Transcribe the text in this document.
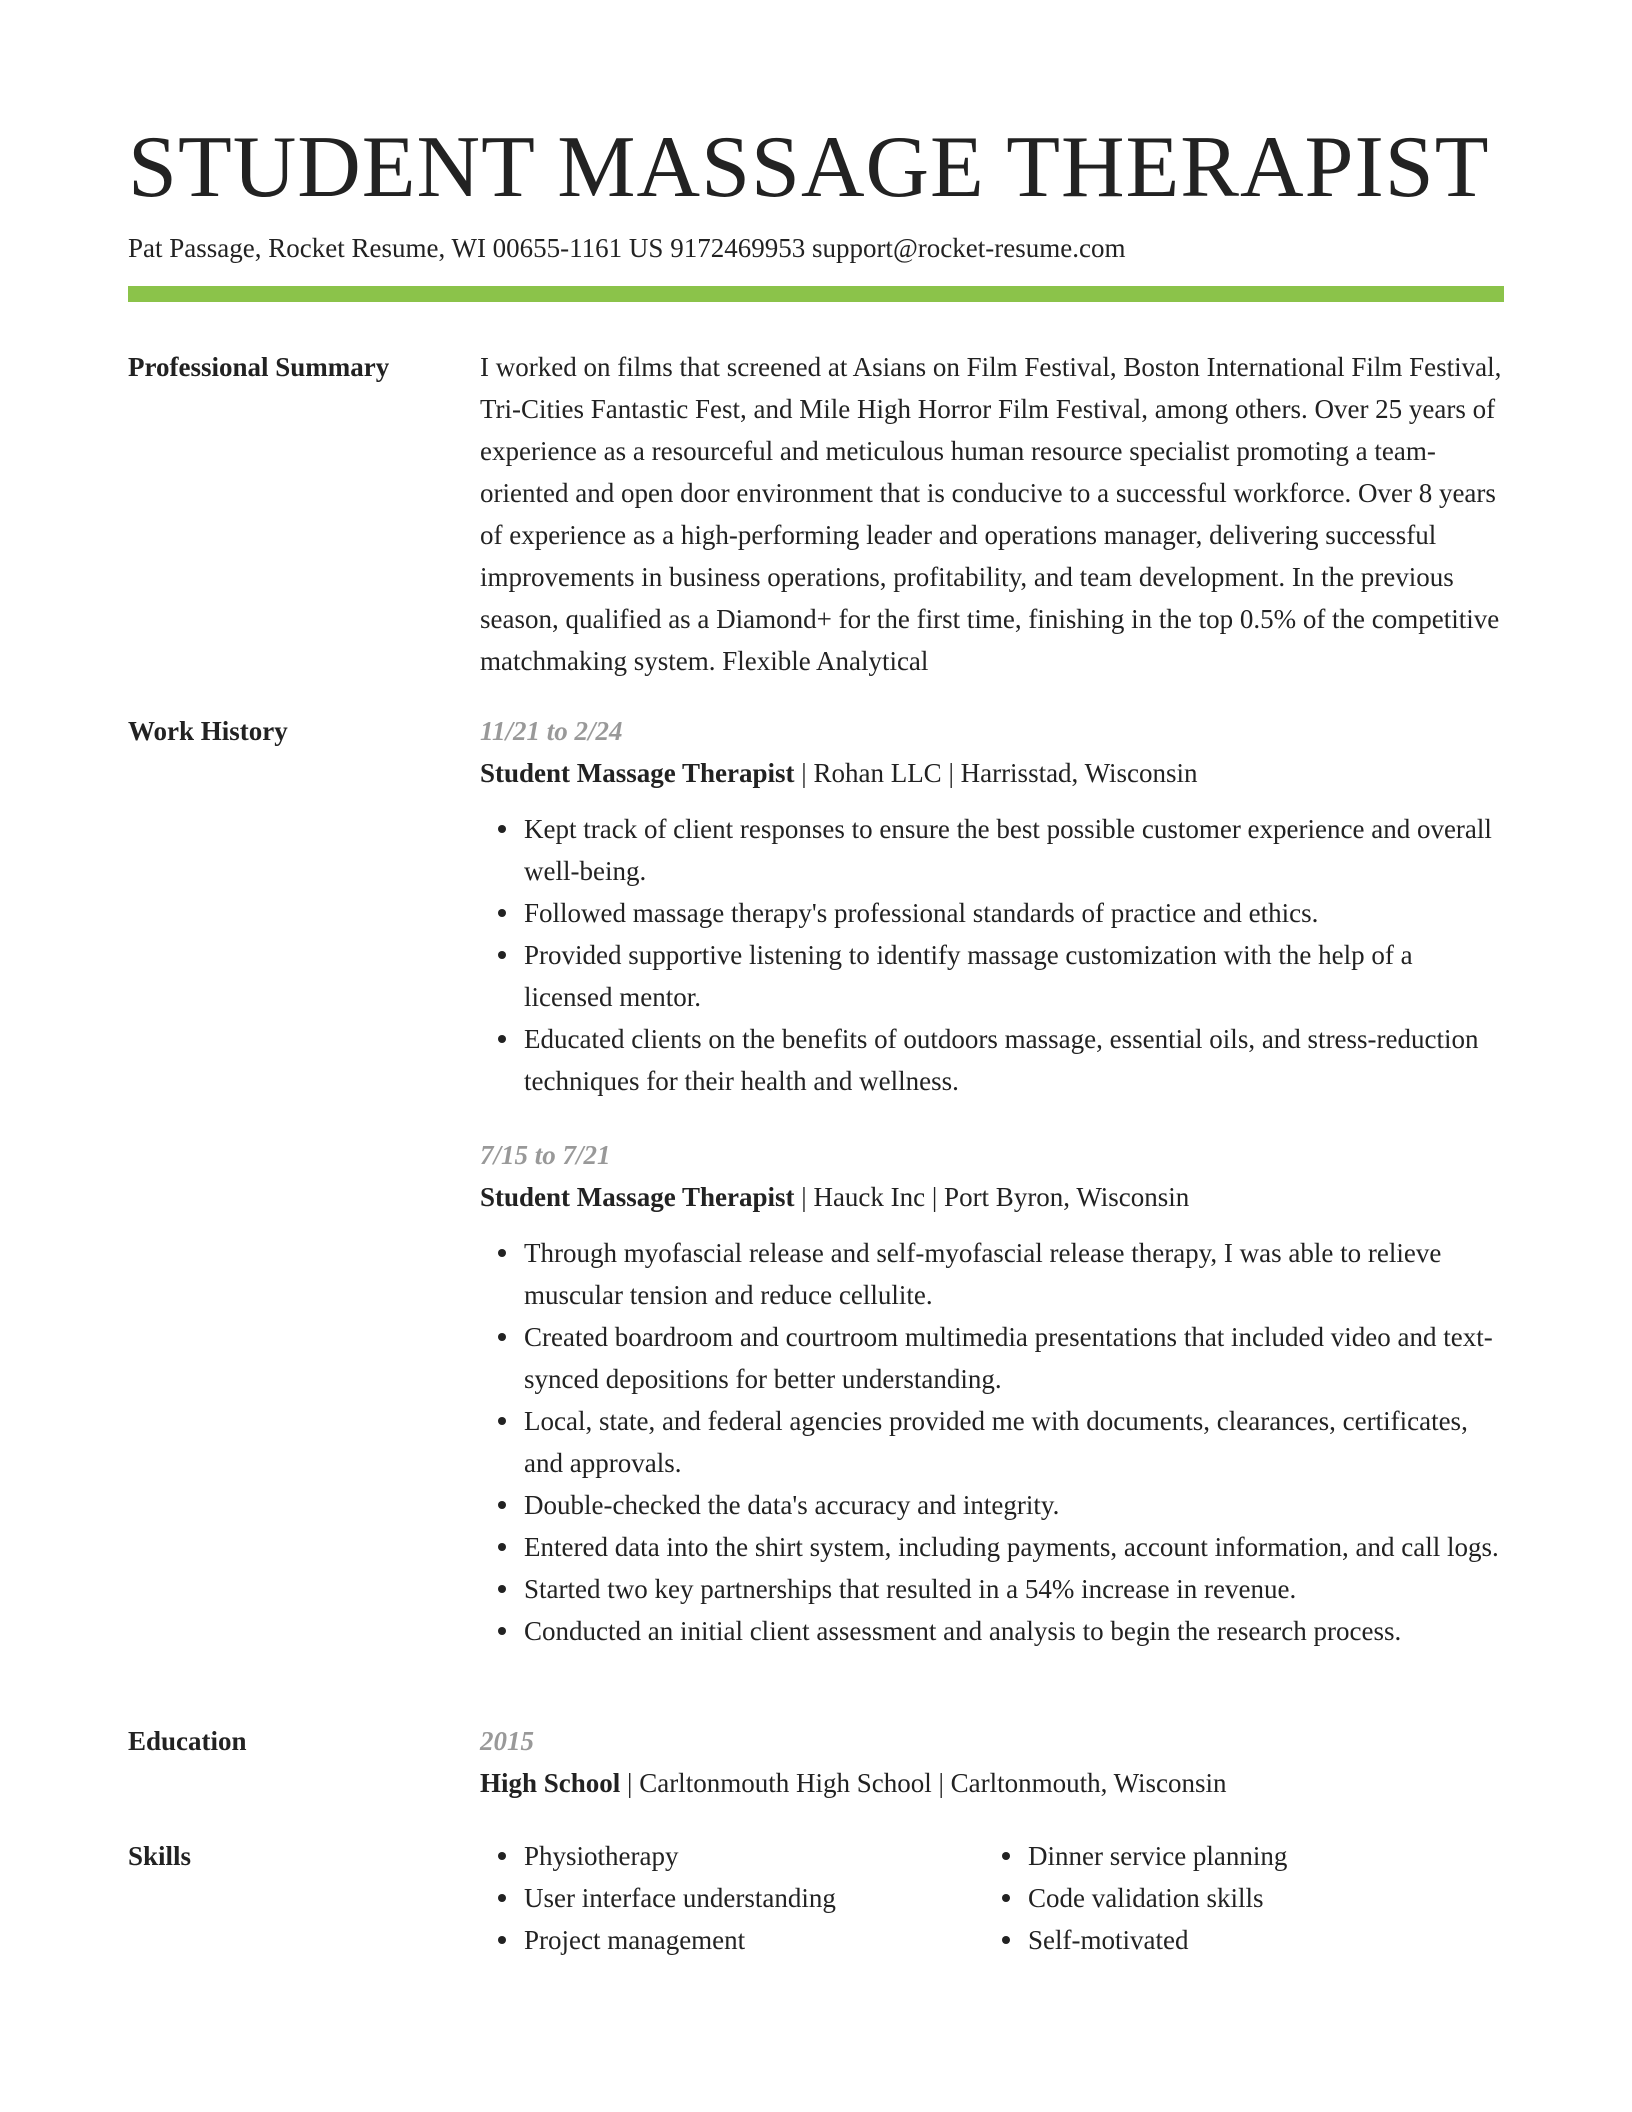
STUDENT MASSAGE THERAPIST
Pat Passage, Rocket Resume, WI 00655-1161 US 9172469953 support@rocket-resume.com
Professional Summary	I worked on films that screened at Asians on Film Festival, Boston International Film Festival, Tri-Cities Fantastic Fest, and Mile High Horror Film Festival, among others. Over 25 years of experience as a resourceful and meticulous human resource specialist promoting a team-oriented and open door environment that is conducive to a successful workforce. Over 8 years of experience as a high-performing leader and operations manager, delivering successful improvements in business operations, profitability, and team development. In the previous season, qualified as a Diamond+ for the first time, finishing in the top 0.5% of the competitive matchmaking system. Flexible Analytical

Work History	11/21 to 2/24
Student Massage Therapist | Rohan LLC | Harrisstad, Wisconsin
Kept track of client responses to ensure the best possible customer experience and overall well-being.
Followed massage therapy's professional standards of practice and ethics.
Provided supportive listening to identify massage customization with the help of a licensed mentor.
Educated clients on the benefits of outdoors massage, essential oils, and stress-reduction techniques for their health and wellness.
7/15 to 7/21
Student Massage Therapist | Hauck Inc | Port Byron, Wisconsin
Through myofascial release and self-myofascial release therapy, I was able to relieve muscular tension and reduce cellulite.
Created boardroom and courtroom multimedia presentations that included video and text-synced depositions for better understanding.
Local, state, and federal agencies provided me with documents, clearances, certificates, and approvals.
Double-checked the data's accuracy and integrity.
Entered data into the shirt system, including payments, account information, and call logs.
Started two key partnerships that resulted in a 54% increase in revenue.
Conducted an initial client assessment and analysis to begin the research process.
Education	2015
High School | Carltonmouth High School | Carltonmouth, Wisconsin
Skills	Physiotherapy
User interface understanding
Project management
Dinner service planning
Code validation skills
Self-motivated
